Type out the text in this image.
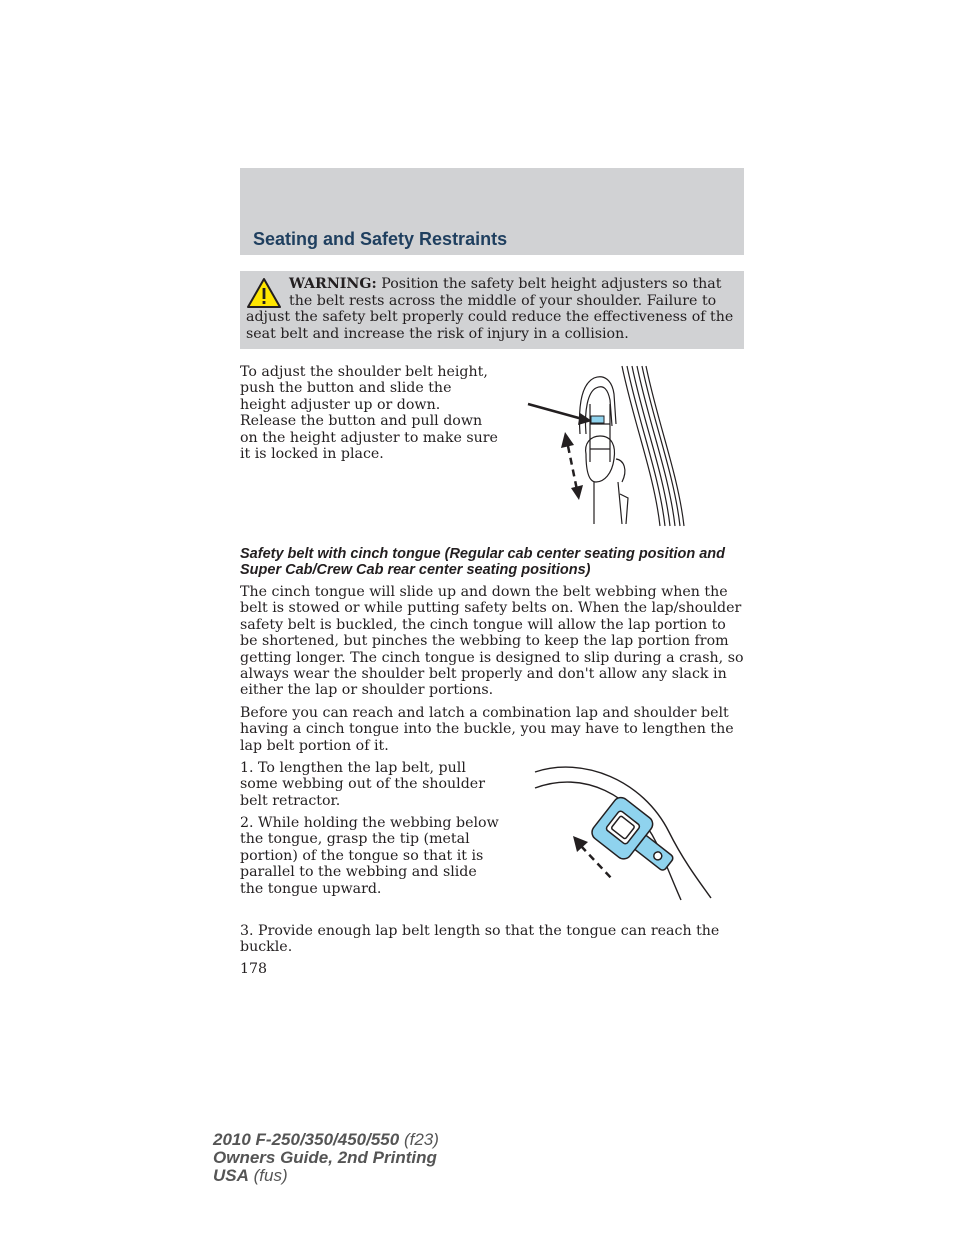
Seating and Safety Restraints
WARNING: Position the safety belt height adjusters so that the belt rests across the middle of your shoulder. Failure to adjust the safety belt properly could reduce the effectiveness of the seat belt and increase the risk of injury in a collision.

To adjust the shoulder belt height, push the button and slide the height adjuster up or down. Release the button and pull down on the height adjuster to make sure it is locked in place.

Safety belt with cinch tongue (Regular cab center seating position and Super Cab/Crew Cab rear center seating positions)

The cinch tongue will slide up and down the belt webbing when the belt is stowed or while putting safety belts on. When the lap/shoulder safety belt is buckled, the cinch tongue will allow the lap portion to be shortened, but pinches the webbing to keep the lap portion from getting longer. The cinch tongue is designed to slip during a crash, so always wear the shoulder belt properly and don't allow any slack in either the lap or shoulder portions.

Before you can reach and latch a combination lap and shoulder belt having a cinch tongue into the buckle, you may have to lengthen the lap belt portion of it.

1. To lengthen the lap belt, pull some webbing out of the shoulder belt retractor.

2. While holding the webbing below the tongue, grasp the tip (metal portion) of the tongue so that it is parallel to the webbing and slide the tongue upward.

3. Provide enough lap belt length so that the tongue can reach the buckle.

178

2010 F-250/350/450/550 (f23)
Owners Guide, 2nd Printing
USA (fus)
